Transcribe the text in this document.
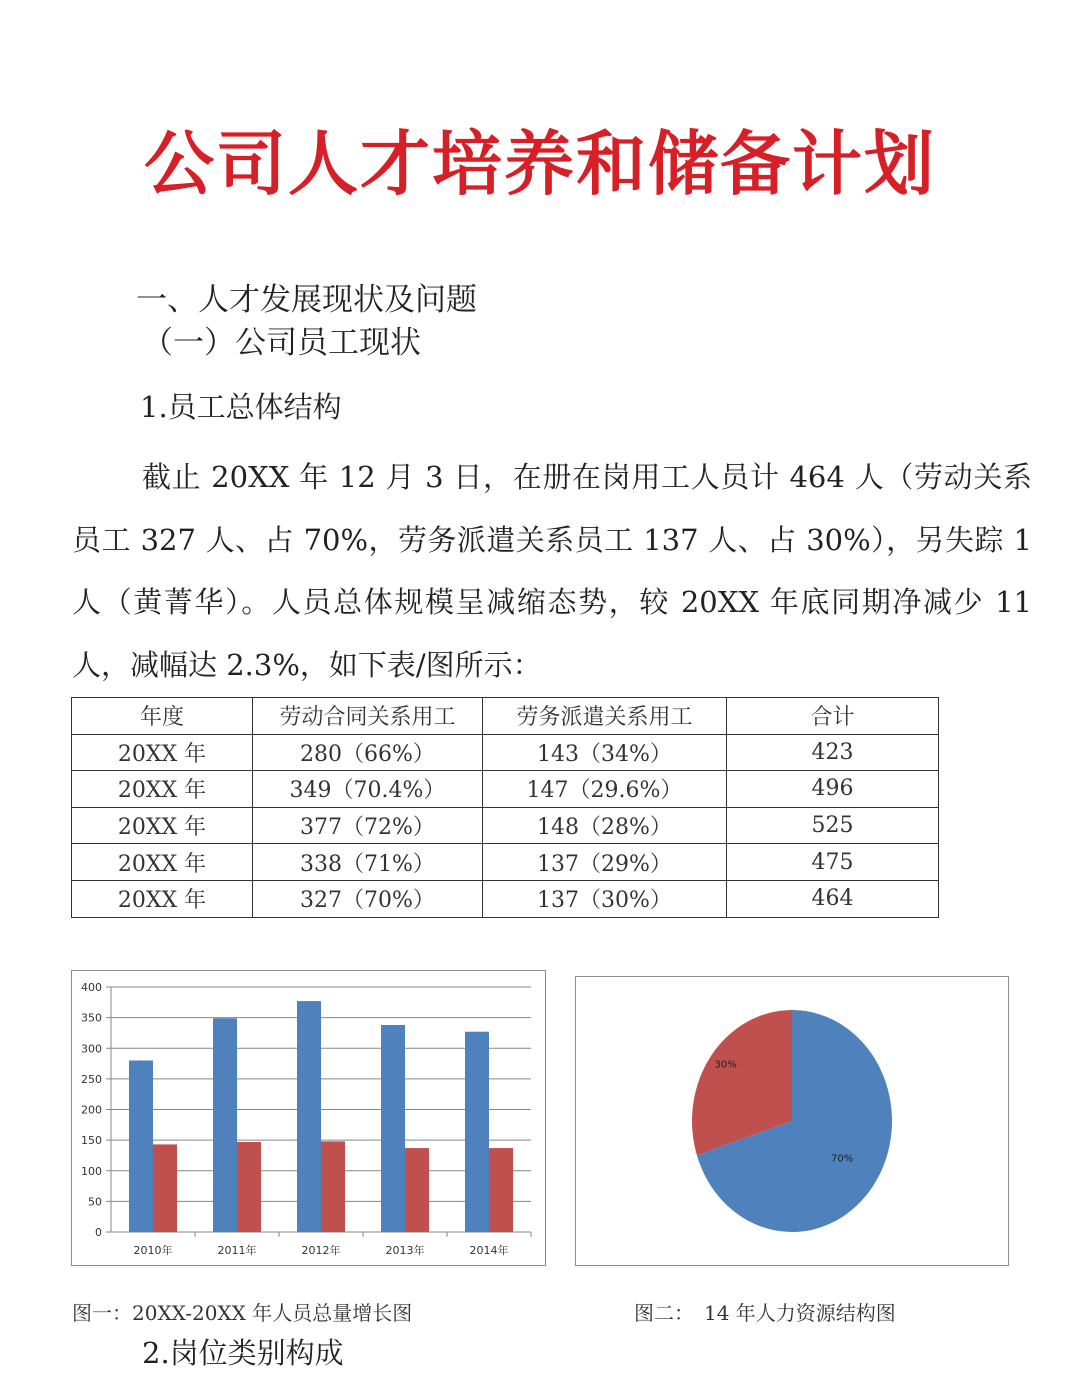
公司人才培养和储备计划
一、人才发展现状及问题
（一）公司员工现状
1.员工总体结构

截止 20XX 年 12 月 3 日，在册在岗用工人员计 464 人（劳动关系员工 327 人、占 70%，劳务派遣关系员工 137 人、占 30%），另失踪 1 人（黄菁华）。人员总体规模呈减缩态势，较 20XX 年底同期净减少 11 人，减幅达 2.3%，如下表/图所示：

年度	劳动合同关系用工	劳务派遣关系用工	合计
20XX 年	280（66%）	143（34%）	423
20XX 年	349（70.4%）	147（29.6%）	496
20XX 年	377（72%）	148（28%）	525
20XX 年	338（71%）	137（29%）	475
20XX 年	327（70%）	137（30%）	464
0
50
100
150
200
250
300
350
400
2010年	2011年	2012年	2013年	2014年
70%
30%
图一：20XX-20XX 年人员总量增长图	图二：　14 年人力资源结构图
2.岗位类别构成
